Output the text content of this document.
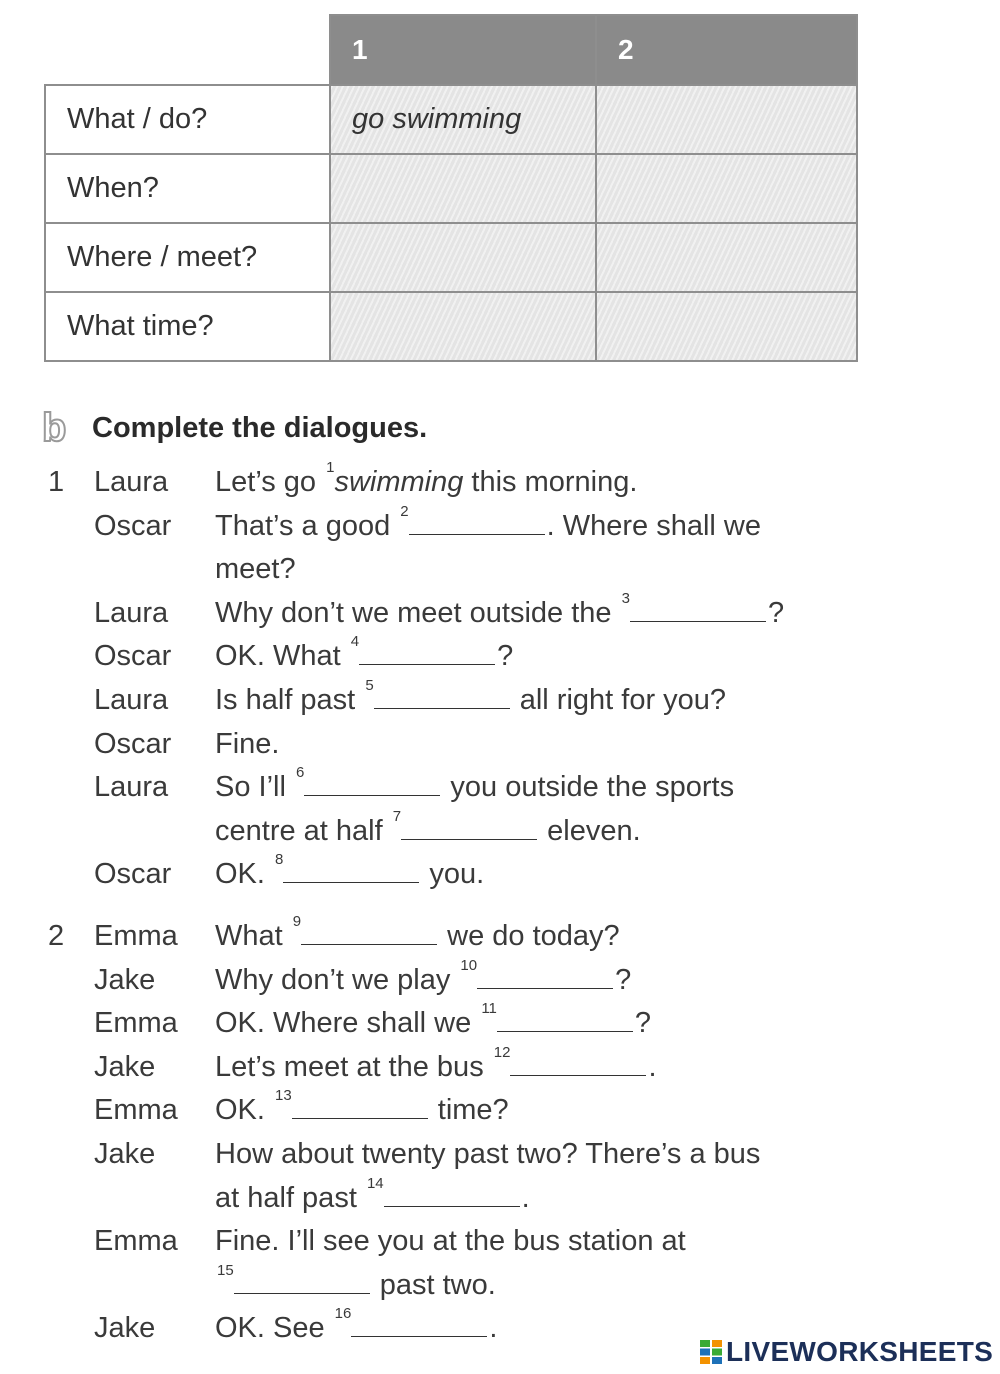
	1	2
What / do?	go swimming	
When?		
Where / meet?		
What time?		
b Complete the dialogues.
1 Laura Let’s go $^1$swimming this morning.
Oscar That’s a good $^2$	. Where shall we
meet?
Laura Why don’t we meet outside the $^3$	?
Oscar OK. What $^4$	?
Laura Is half past $^5$	all right for you?
Oscar Fine.
Laura So I’ll $^6$	you outside the sports
centre at half $^7$	eleven.
Oscar OK. $^8$	you.
2 Emma What $^9$	we do today?
Jake Why don’t we play $^{10}$	?
Emma OK. Where shall we $^{11}$	?
Jake Let’s meet at the bus $^{12}$	.
Emma OK. $^{13}$	time?
Jake How about twenty past two? There’s a bus
at half past $^{14}$	.
Emma Fine. I’ll see you at the bus station at
$^{15}$	past two.
Jake OK. See $^{16}$	.
LIVEWORKSHEETS
